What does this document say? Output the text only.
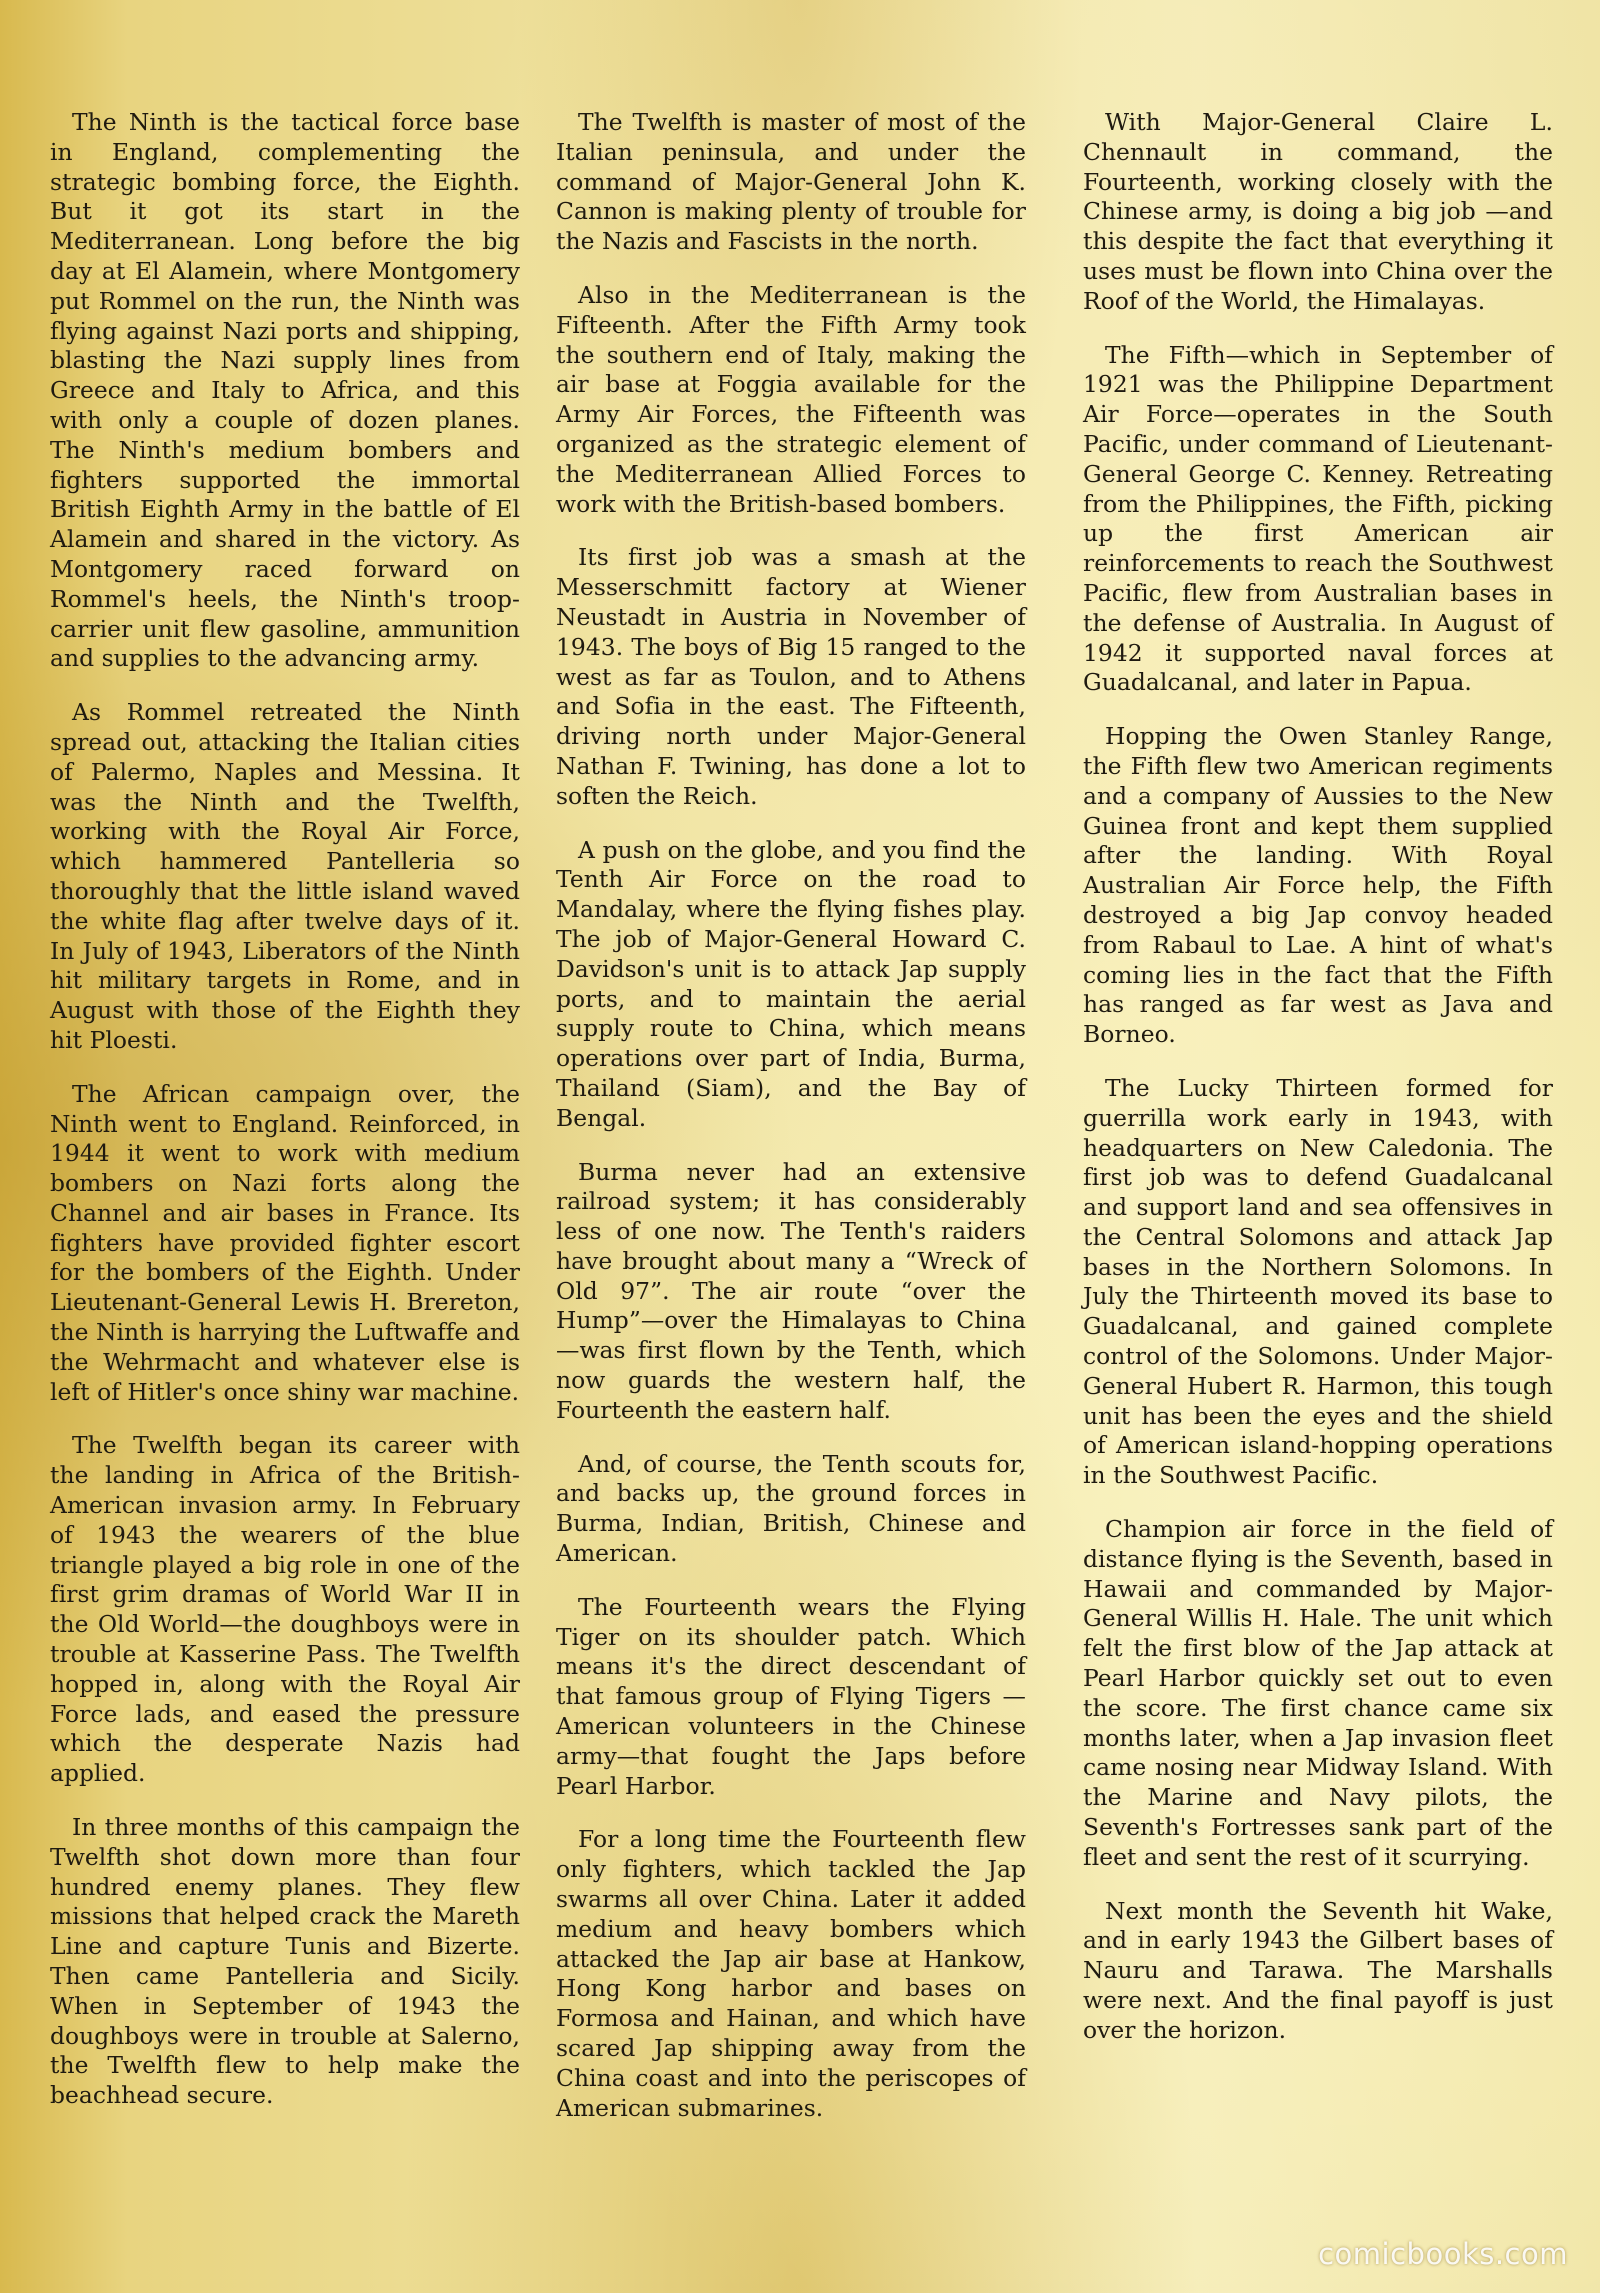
The Ninth is the tactical force base in England, complementing the strategic bombing force, the Eighth. But it got its start in the Mediterranean. Long before the big day at El Alamein, where Montgomery put Rommel on the run, the Ninth was flying against Nazi ports and shipping, blasting the Nazi supply lines from Greece and Italy to Africa, and this with only a couple of dozen planes. The Ninth's medium bombers and fighters supported the immortal British Eighth Army in the battle of El Alamein and shared in the victory. As Montgomery raced forward on Rommel's heels, the Ninth's troop-carrier unit flew gasoline, ammunition and supplies to the advancing army.

As Rommel retreated the Ninth spread out, attacking the Italian cities of Palermo, Naples and Messina. It was the Ninth and the Twelfth, working with the Royal Air Force, which hammered Pantelleria so thoroughly that the little island waved the white flag after twelve days of it. In July of 1943, Liberators of the Ninth hit military targets in Rome, and in August with those of the Eighth they hit Ploesti.

The African campaign over, the Ninth went to England. Reinforced, in 1944 it went to work with medium bombers on Nazi forts along the Channel and air bases in France. Its fighters have provided fighter escort for the bombers of the Eighth. Under Lieutenant-General Lewis H. Brereton, the Ninth is harrying the Luftwaffe and the Wehrmacht and whatever else is left of Hitler's once shiny war machine.

The Twelfth began its career with the landing in Africa of the British-American invasion army. In February of 1943 the wearers of the blue triangle played a big role in one of the first grim dramas of World War II in the Old World—the doughboys were in trouble at Kasserine Pass. The Twelfth hopped in, along with the Royal Air Force lads, and eased the pressure which the desperate Nazis had applied.

In three months of this campaign the Twelfth shot down more than four hundred enemy planes. They flew missions that helped crack the Mareth Line and capture Tunis and Bizerte. Then came Pantelleria and Sicily. When in September of 1943 the doughboys were in trouble at Salerno, the Twelfth flew to help make the beachhead secure.

The Twelfth is master of most of the Italian peninsula, and under the command of Major-General John K. Cannon is making plenty of trouble for the Nazis and Fascists in the north.

Also in the Mediterranean is the Fifteenth. After the Fifth Army took the southern end of Italy, making the air base at Foggia available for the Army Air Forces, the Fifteenth was organized as the strategic element of the Mediterranean Allied Forces to work with the British-based bombers.

Its first job was a smash at the Messerschmitt factory at Wiener Neustadt in Austria in November of 1943. The boys of Big 15 ranged to the west as far as Toulon, and to Athens and Sofia in the east. The Fifteenth, driving north under Major-General Nathan F. Twining, has done a lot to soften the Reich.

A push on the globe, and you find the Tenth Air Force on the road to Mandalay, where the flying fishes play. The job of Major-General Howard C. Davidson's unit is to attack Jap supply ports, and to maintain the aerial supply route to China, which means operations over part of India, Burma, Thailand (Siam), and the Bay of Bengal.

Burma never had an extensive railroad system; it has considerably less of one now. The Tenth's raiders have brought about many a “Wreck of Old 97”. The air route “over the Hump”—over the Himalayas to China—was first flown by the Tenth, which now guards the western half, the Fourteenth the eastern half.

And, of course, the Tenth scouts for, and backs up, the ground forces in Burma, Indian, British, Chinese and American.

The Fourteenth wears the Flying Tiger on its shoulder patch. Which means it's the direct descendant of that famous group of Flying Tigers —American volunteers in the Chinese army—that fought the Japs before Pearl Harbor.

For a long time the Fourteenth flew only fighters, which tackled the Jap swarms all over China. Later it added medium and heavy bombers which attacked the Jap air base at Hankow, Hong Kong harbor and bases on Formosa and Hainan, and which have scared Jap shipping away from the China coast and into the periscopes of American submarines.

With Major-General Claire L. Chennault in command, the Fourteenth, working closely with the Chinese army, is doing a big job —and this despite the fact that everything it uses must be flown into China over the Roof of the World, the Himalayas.

The Fifth—which in September of 1921 was the Philippine Department Air Force—operates in the South Pacific, under command of Lieutenant-General George C. Kenney. Retreating from the Philippines, the Fifth, picking up the first American air reinforcements to reach the Southwest Pacific, flew from Australian bases in the defense of Australia. In August of 1942 it supported naval forces at Guadalcanal, and later in Papua.

Hopping the Owen Stanley Range, the Fifth flew two American regiments and a company of Aussies to the New Guinea front and kept them supplied after the landing. With Royal Australian Air Force help, the Fifth destroyed a big Jap convoy headed from Rabaul to Lae. A hint of what's coming lies in the fact that the Fifth has ranged as far west as Java and Borneo.

The Lucky Thirteen formed for guerrilla work early in 1943, with headquarters on New Caledonia. The first job was to defend Guadalcanal and support land and sea offensives in the Central Solomons and attack Jap bases in the Northern Solomons. In July the Thirteenth moved its base to Guadalcanal, and gained complete control of the Solomons. Under Major-General Hubert R. Harmon, this tough unit has been the eyes and the shield of American island-hopping operations in the Southwest Pacific.

Champion air force in the field of distance flying is the Seventh, based in Hawaii and commanded by Major-General Willis H. Hale. The unit which felt the first blow of the Jap attack at Pearl Harbor quickly set out to even the score. The first chance came six months later, when a Jap invasion fleet came nosing near Midway Island. With the Marine and Navy pilots, the Seventh's Fortresses sank part of the fleet and sent the rest of it scurrying.

Next month the Seventh hit Wake, and in early 1943 the Gilbert bases of Nauru and Tarawa. The Marshalls were next. And the final payoff is just over the horizon.

comicbooks.com
